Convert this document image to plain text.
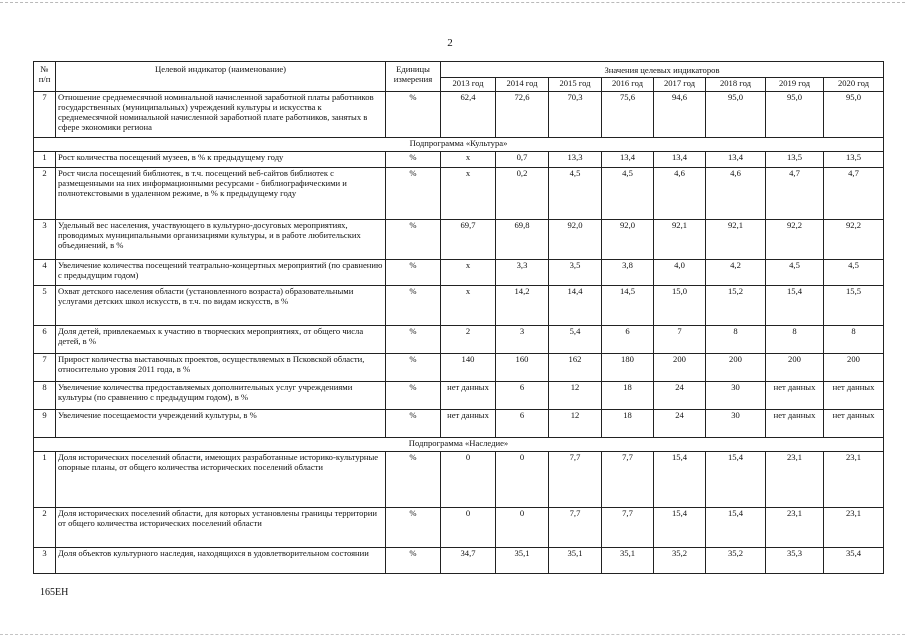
2
№ п/п	Целевой индикатор (наименование)	Единицы измерения	Значения целевых индикаторов							
			2013 год	2014 год	2015 год	2016 год	2017 год	2018 год	2019 год	2020 год
7	Отношение среднемесячной номинальной начисленной заработной платы работников государственных (муниципальных) учреждений культуры и искусства к среднемесячной номинальной начисленной заработной плате работников, занятых в сфере экономики региона	%	62,4	72,6	70,3	75,6	94,6	95,0	95,0	95,0
Подпрограмма «Культура»										
1	Рост количества посещений музеев, в % к предыдущему году	%	х	0,7	13,3	13,4	13,4	13,4	13,5	13,5
2	Рост числа посещений библиотек, в т.ч. посещений веб-сайтов библиотек с размещенными на них информационными ресурсами - библиографическими и полнотекстовыми в удаленном режиме, в % к предыдущему году	%	х	0,2	4,5	4,5	4,6	4,6	4,7	4,7
3	Удельный вес населения, участвующего в культурно-досуговых мероприятиях, проводимых муниципальными организациями культуры, и в работе любительских объединений, в %	%	69,7	69,8	92,0	92,0	92,1	92,1	92,2	92,2
4	Увеличение количества посещений театрально-концертных мероприятий (по сравнению с предыдущим годом)	%	х	3,3	3,5	3,8	4,0	4,2	4,5	4,5
5	Охват детского населения области (установленного возраста) образовательными услугами детских школ искусств, в т.ч. по видам искусств, в %	%	х	14,2	14,4	14,5	15,0	15,2	15,4	15,5
6	Доля детей, привлекаемых к участию в творческих мероприятиях, от общего числа детей, в %	%	2	3	5,4	6	7	8	8	8
7	Прирост количества выставочных проектов, осуществляемых в Псковской области, относительно уровня 2011 года, в %	%	140	160	162	180	200	200	200	200
8	Увеличение количества предоставляемых дополнительных услуг учреждениями культуры (по сравнению с предыдущим годом), в %	%	нет данных	6	12	18	24	30	нет данных	нет данных
9	Увеличение посещаемости учреждений культуры, в %	%	нет данных	6	12	18	24	30	нет данных	нет данных
Подпрограмма «Наследие»										
1	Доля исторических поселений области, имеющих разработанные историко-культурные опорные планы, от общего количества исторических поселений области	%	0	0	7,7	7,7	15,4	15,4	23,1	23,1
2	Доля исторических поселений области, для которых установлены границы территории от общего количества исторических поселений области	%	0	0	7,7	7,7	15,4	15,4	23,1	23,1
3	Доля объектов культурного наследия, находящихся в удовлетворительном состоянии	%	34,7	35,1	35,1	35,1	35,2	35,2	35,3	35,4
165ЕН
